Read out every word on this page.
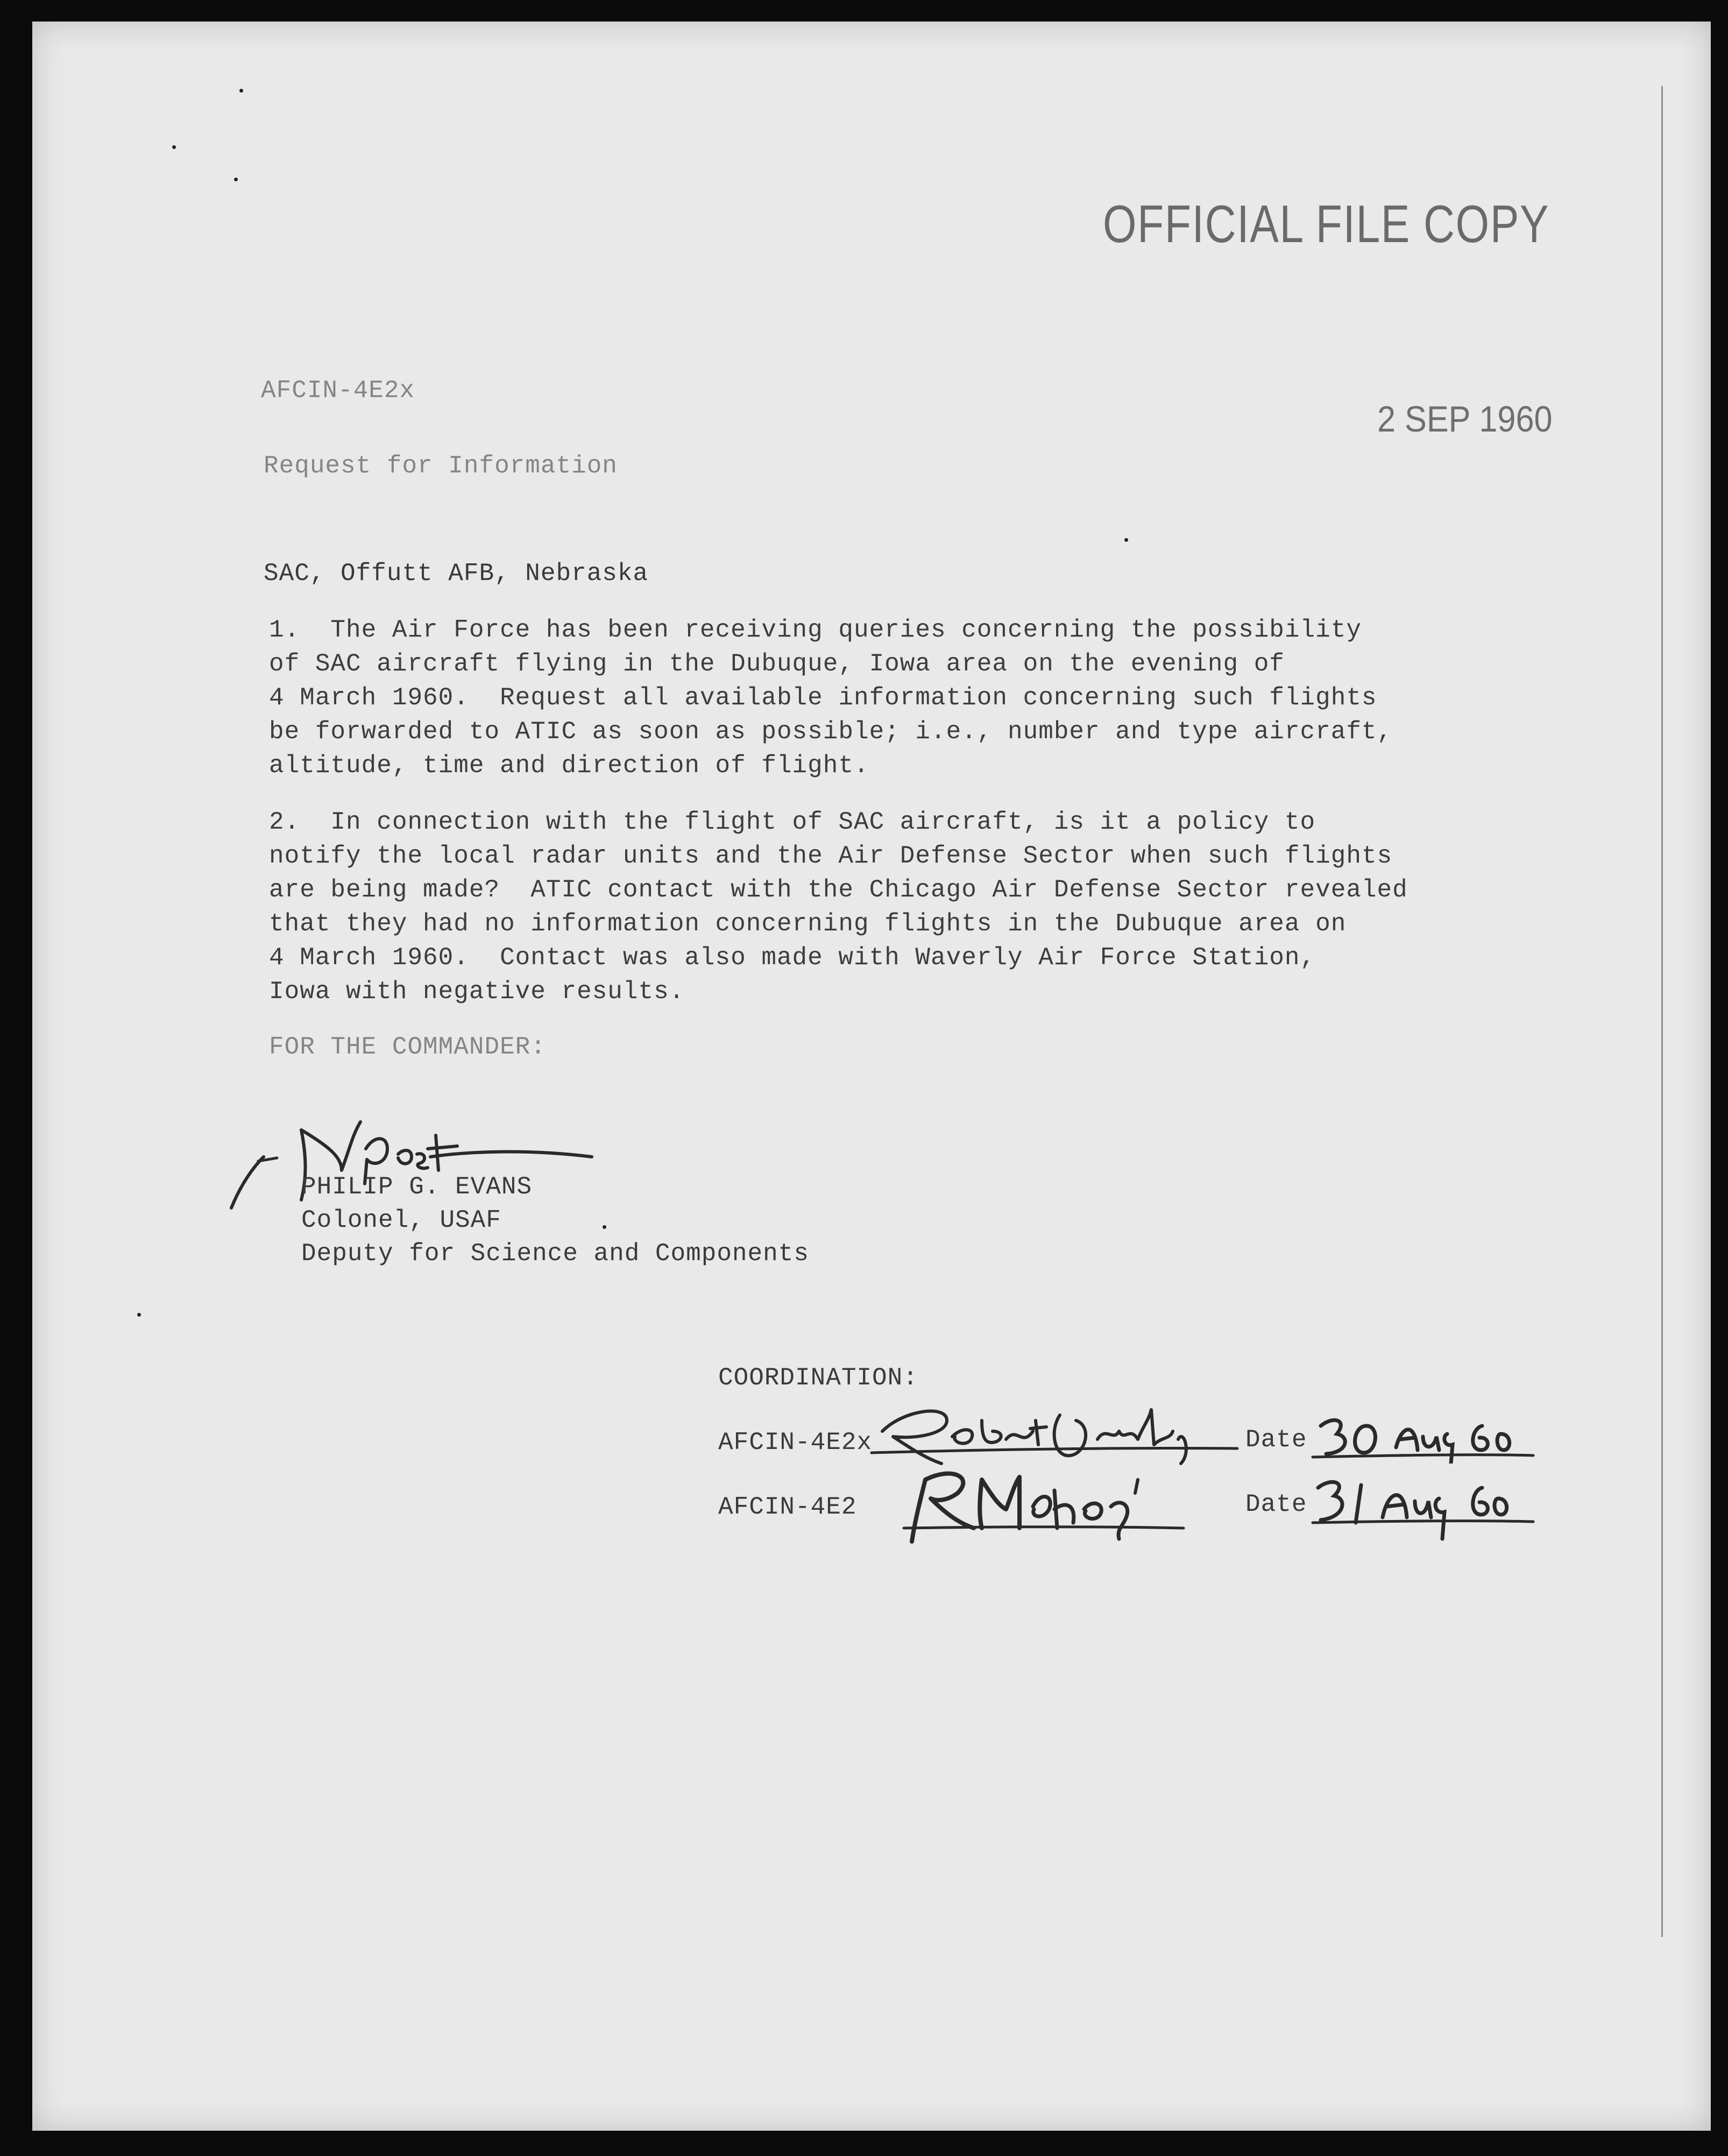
OFFICIAL FILE COPY
AFCIN-4E2x
2 SEP 1960
Request for Information
SAC, Offutt AFB, Nebraska
1.  The Air Force has been receiving queries concerning the possibility
of SAC aircraft flying in the Dubuque, Iowa area on the evening of
4 March 1960.  Request all available information concerning such flights
be forwarded to ATIC as soon as possible; i.e., number and type aircraft,
altitude, time and direction of flight.
2.  In connection with the flight of SAC aircraft, is it a policy to
notify the local radar units and the Air Defense Sector when such flights
are being made?  ATIC contact with the Chicago Air Defense Sector revealed
that they had no information concerning flights in the Dubuque area on
4 March 1960.  Contact was also made with Waverly Air Force Station,
Iowa with negative results.
FOR THE COMMANDER:
PHILIP G. EVANS
Colonel, USAF
Deputy for Science and Components
COORDINATION:
AFCIN-4E2x	Date
AFCIN-4E2	Date
